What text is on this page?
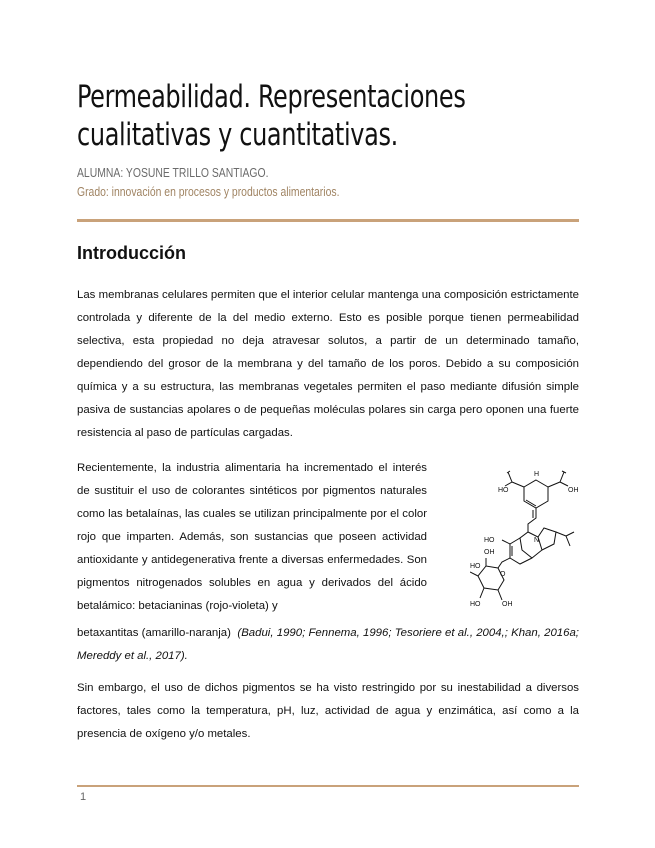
Permeabilidad. Representaciones cualitativas y cuantitativas.
ALUMNA: YOSUNE TRILLO SANTIAGO.
Grado: innovación en procesos y productos alimentarios.
Introducción

Las membranas celulares permiten que el interior celular mantenga una composición estrictamente controlada y diferente de la del medio externo. Esto es posible porque tienen permeabilidad selectiva, esta propiedad no deja atravesar solutos, a partir de un determinado tamaño, dependiendo del grosor de la membrana y del tamaño de los poros. Debido a su composición química y a su estructura, las membranas vegetales permiten el paso mediante difusión simple pasiva de sustancias apolares o de pequeñas moléculas polares sin carga pero oponen una fuerte resistencia al paso de partículas cargadas.

Recientemente, la industria alimentaria ha incrementado el interés de sustituir el uso de colorantes sintéticos por pigmentos naturales como las betalaínas, las cuales se utilizan principalmente por el color rojo que imparten. Además, son sustancias que poseen actividad antioxidante y antidegenerativa frente a diversas enfermedades. Son pigmentos nitrogenados solubles en agua y derivados del ácido betalámico: betacianinas (rojo-violeta) y

HO	OH
H
N
HO
O
HO
HO	OH
OH

betaxantitas (amarillo-naranja) (Badui, 1990; Fennema, 1996; Tesoriere et al., 2004,; Khan, 2016a; Mereddy et al., 2017).

Sin embargo, el uso de dichos pigmentos se ha visto restringido por su inestabilidad a diversos factores, tales como la temperatura, pH, luz, actividad de agua y enzimática, así como a la presencia de oxígeno y/o metales.

1
